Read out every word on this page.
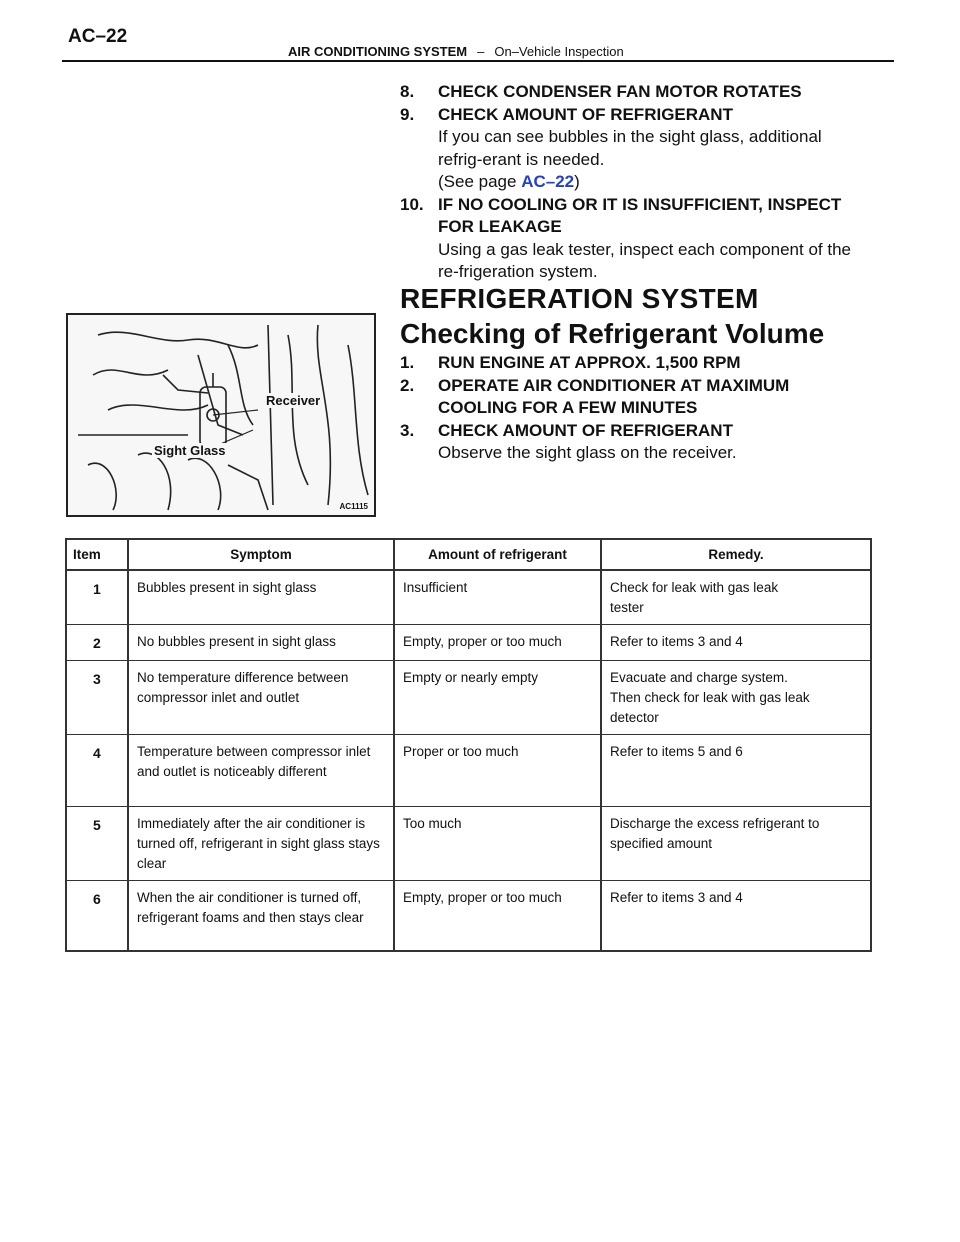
AC–22
AIR CONDITIONING SYSTEM – On–Vehicle Inspection
8. CHECK CONDENSER FAN MOTOR ROTATES
9. CHECK AMOUNT OF REFRIGERANT
If you can see bubbles in the sight glass, additional refrig-erant is needed.
(See page AC–22)
10. IF NO COOLING OR IT IS INSUFFICIENT, INSPECT FOR LEAKAGE
Using a gas leak tester, inspect each component of the re-frigeration system.
REFRIGERATION SYSTEM
Checking of Refrigerant Volume
1. RUN ENGINE AT APPROX. 1,500 RPM
2. OPERATE AIR CONDITIONER AT MAXIMUM COOLING FOR A FEW MINUTES
3. CHECK AMOUNT OF REFRIGERANT
Observe the sight glass on the receiver.
Receiver
Sight Glass
AC1115
Item	Symptom	Amount of refrigerant	Remedy.

1	Bubbles present in sight glass	Insufficient	Check for leak with gas leak
tester

2	No bubbles present in sight glass	Empty, proper or too much	Refer to items 3 and 4

3	No temperature difference between
compressor inlet and outlet	Empty or nearly empty	Evacuate and charge system.
Then check for leak with gas leak
detector

4	Temperature between compressor inlet
and outlet is noticeably different	Proper or too much	Refer to items 5 and 6

5	Immediately after the air conditioner is
turned off, refrigerant in sight glass stays
clear	Too much	Discharge the excess refrigerant to
specified amount

6	When the air conditioner is turned off,
refrigerant foams and then stays clear	Empty, proper or too much	Refer to items 3 and 4
